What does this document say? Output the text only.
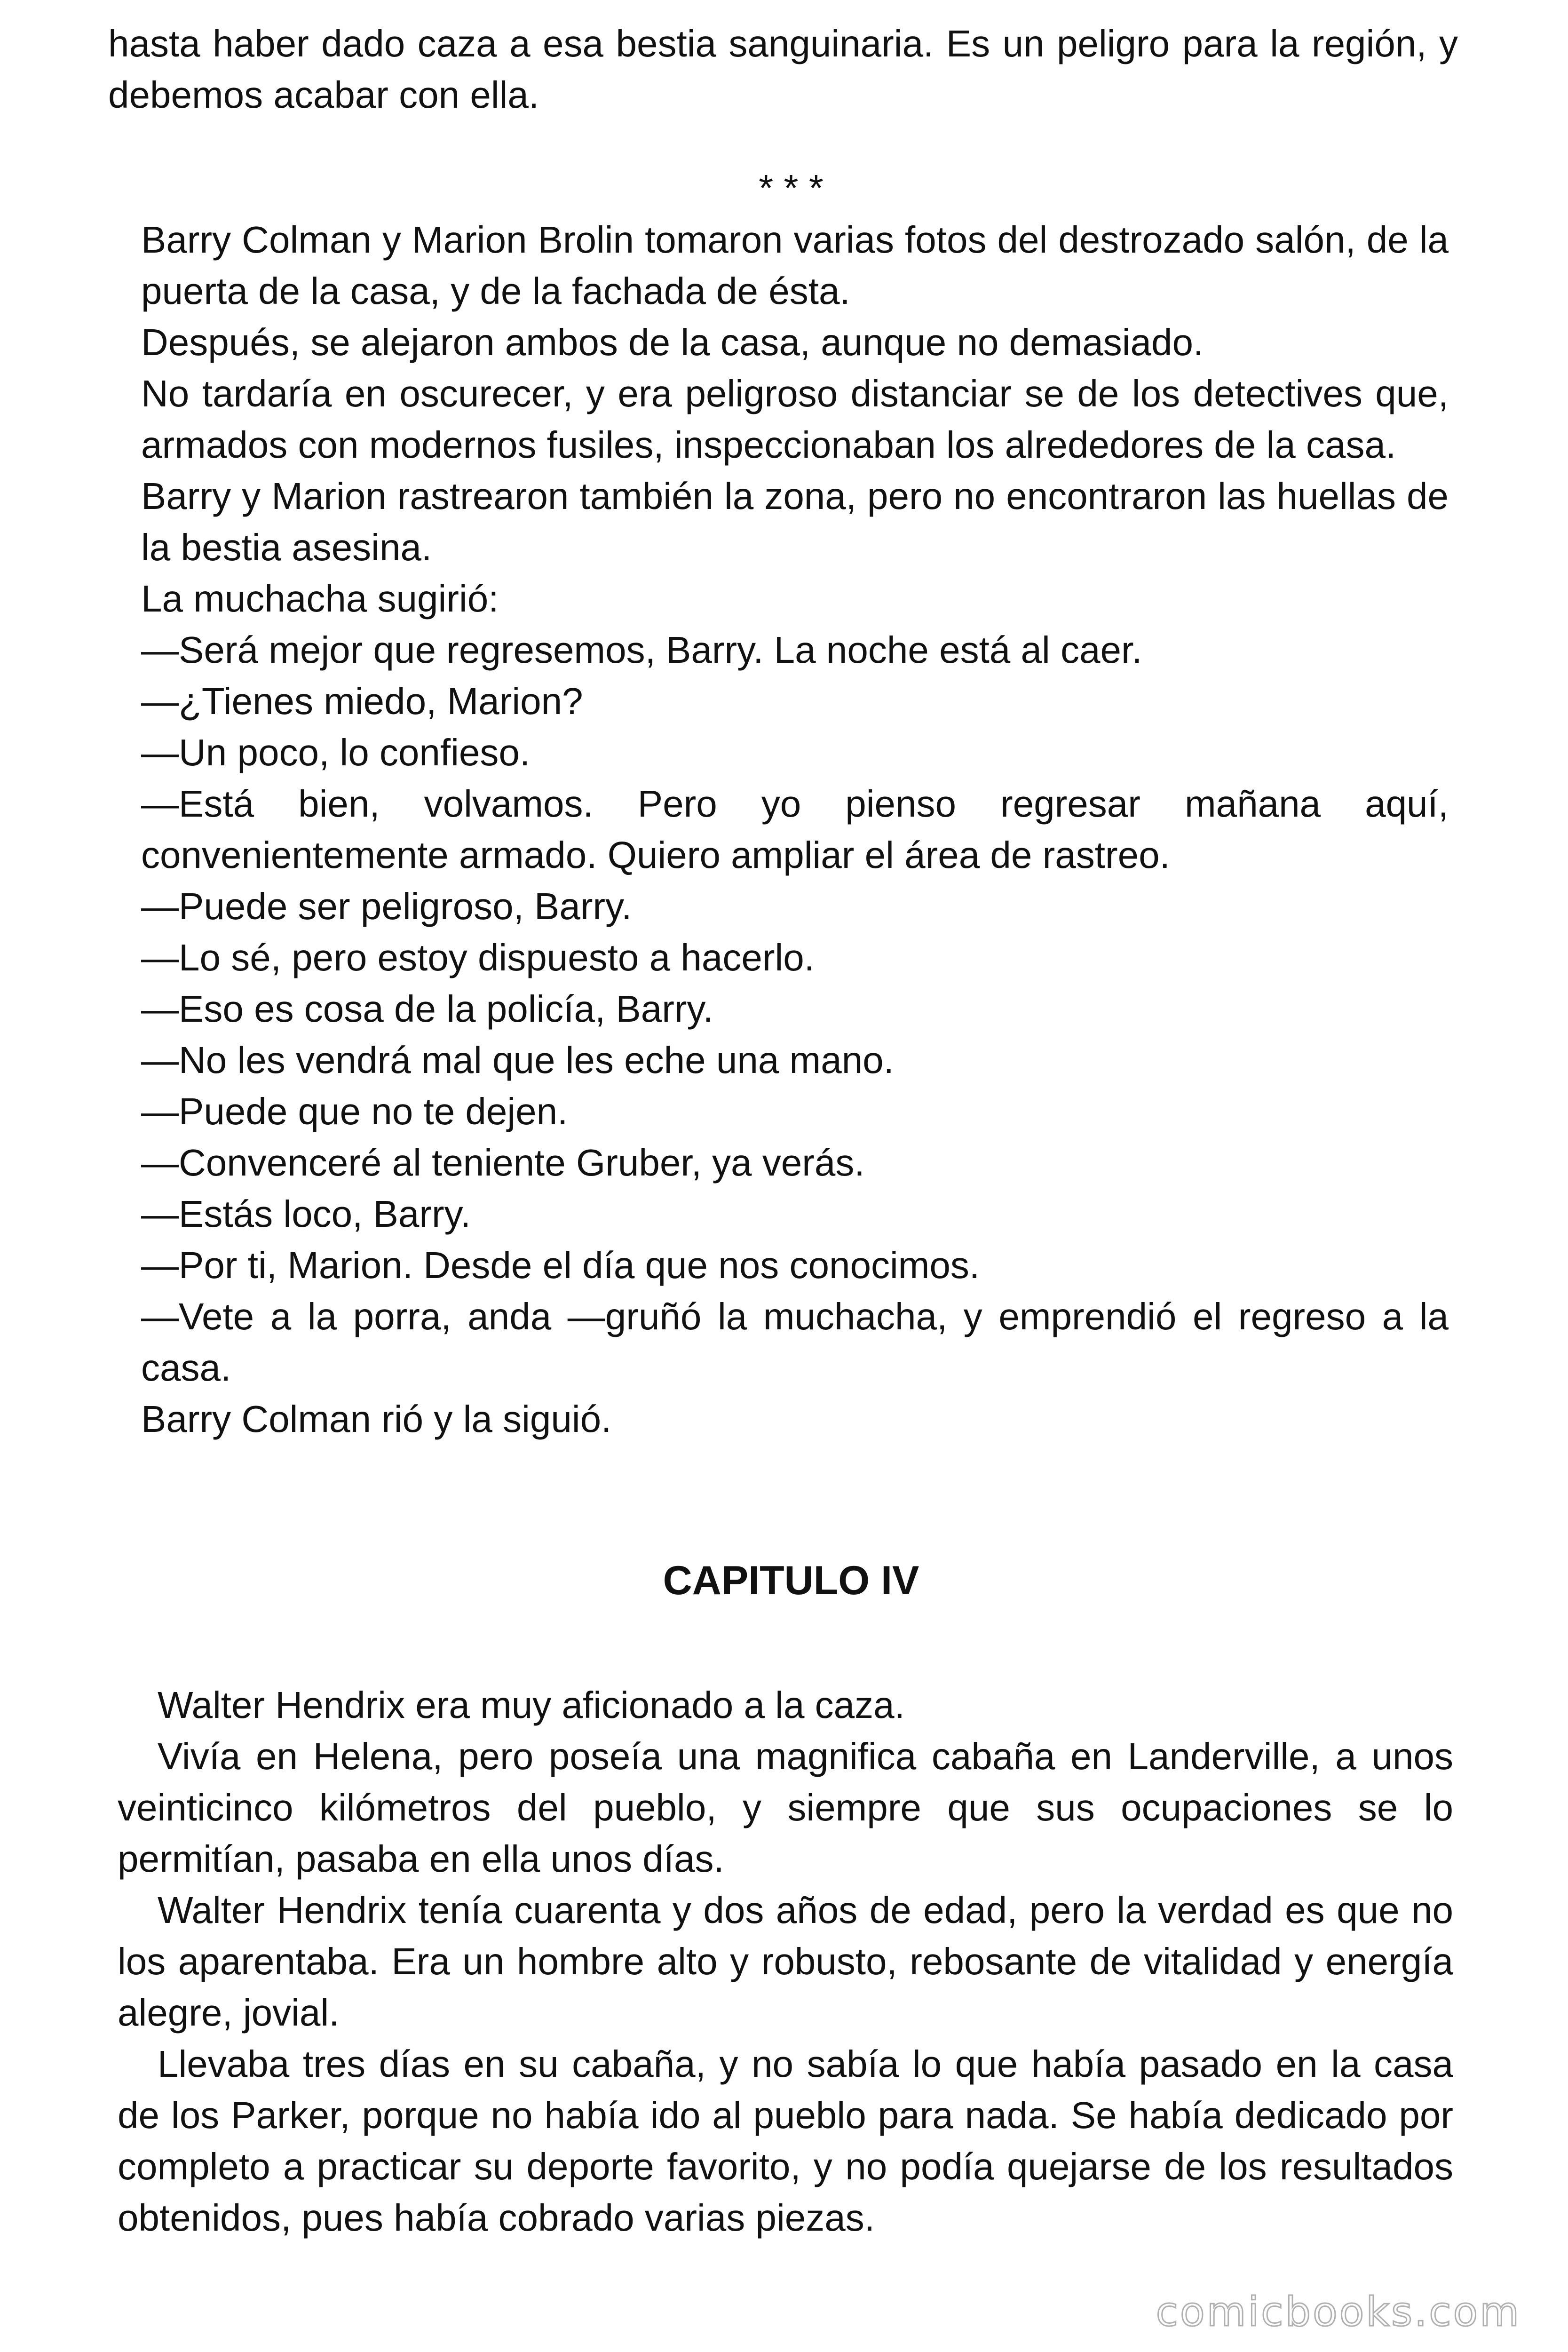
hasta haber dado caza a esa bestia sanguinaria. Es un peligro para la región, y debemos acabar con ella.

* * *

Barry Colman y Marion Brolin tomaron varias fotos del destrozado salón, de la puerta de la casa, y de la fachada de ésta.

Después, se alejaron ambos de la casa, aunque no demasiado.

No tardaría en oscurecer, y era peligroso distanciar se de los detectives que, armados con modernos fusiles, inspeccionaban los alrededores de la casa.

Barry y Marion rastrearon también la zona, pero no encontraron las huellas de la bestia asesina.

La muchacha sugirió:

—Será mejor que regresemos, Barry. La noche está al caer.

—¿Tienes miedo, Marion?

—Un poco, lo confieso.

—Está bien, volvamos. Pero yo pienso regresar mañana aquí, convenientemente armado. Quiero ampliar el área de rastreo.

—Puede ser peligroso, Barry.

—Lo sé, pero estoy dispuesto a hacerlo.

—Eso es cosa de la policía, Barry.

—No les vendrá mal que les eche una mano.

—Puede que no te dejen.

—Convenceré al teniente Gruber, ya verás.

—Estás loco, Barry.

—Por ti, Marion. Desde el día que nos conocimos.

—Vete a la porra, anda —gruñó la muchacha, y emprendió el regreso a la casa.

Barry Colman rió y la siguió.

CAPITULO IV

Walter Hendrix era muy aficionado a la caza.

Vivía en Helena, pero poseía una magnifica cabaña en Landerville, a unos veinticinco kilómetros del pueblo, y siempre que sus ocupaciones se lo permitían, pasaba en ella unos días.

Walter Hendrix tenía cuarenta y dos años de edad, pero la verdad es que no los aparentaba. Era un hombre alto y robusto, rebosante de vitalidad y energía alegre, jovial.

Llevaba tres días en su cabaña, y no sabía lo que había pasado en la casa de los Parker, porque no había ido al pueblo para nada. Se había dedicado por completo a practicar su deporte favorito, y no podía quejarse de los resultados obtenidos, pues había cobrado varias piezas.

comicbooks.com
